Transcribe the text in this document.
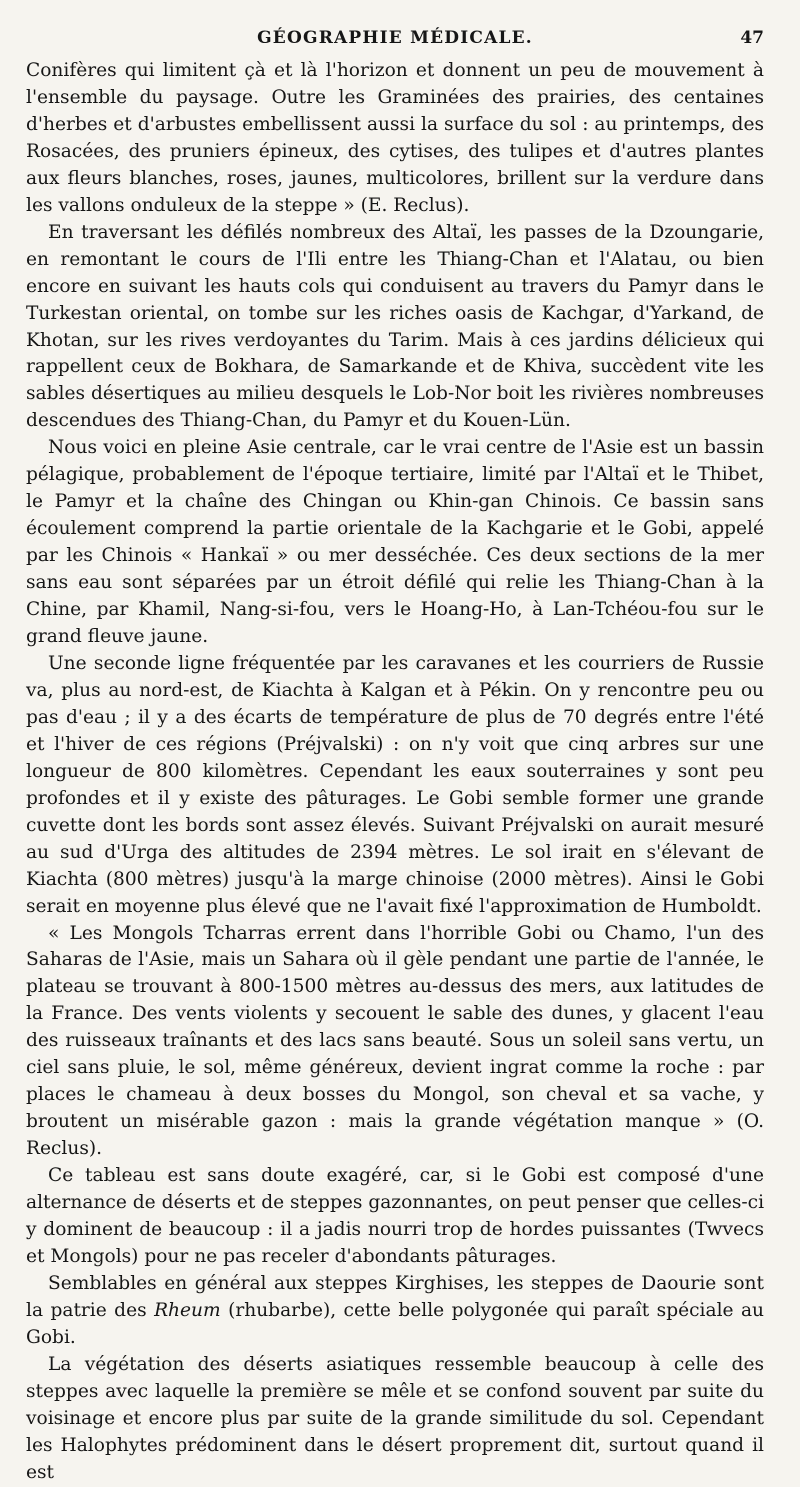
GÉOGRAPHIE MÉDICALE.	47

Conifères qui limitent çà et là l'horizon et donnent un peu de mouvement à l'ensemble du paysage. Outre les Graminées des prairies, des centaines d'herbes et d'arbustes embellissent aussi la surface du sol : au printemps, des Rosacées, des pruniers épineux, des cytises, des tulipes et d'autres plantes aux fleurs blanches, roses, jaunes, multicolores, brillent sur la verdure dans les vallons onduleux de la steppe » (E. Reclus).

En traversant les défilés nombreux des Altaï, les passes de la Dzoungarie, en remontant le cours de l'Ili entre les Thiang-Chan et l'Alatau, ou bien encore en suivant les hauts cols qui conduisent au travers du Pamyr dans le Turkestan oriental, on tombe sur les riches oasis de Kachgar, d'Yarkand, de Khotan, sur les rives verdoyantes du Tarim. Mais à ces jardins délicieux qui rappellent ceux de Bokhara, de Samarkande et de Khiva, succèdent vite les sables désertiques au milieu desquels le Lob-Nor boit les rivières nombreuses descendues des Thiang-Chan, du Pamyr et du Kouen-Lün.

Nous voici en pleine Asie centrale, car le vrai centre de l'Asie est un bassin pélagique, probablement de l'époque tertiaire, limité par l'Altaï et le Thibet, le Pamyr et la chaîne des Chingan ou Khin-gan Chinois. Ce bassin sans écoulement comprend la partie orientale de la Kachgarie et le Gobi, appelé par les Chinois « Hankaï » ou mer desséchée. Ces deux sections de la mer sans eau sont séparées par un étroit défilé qui relie les Thiang-Chan à la Chine, par Khamil, Nang-si-fou, vers le Hoang-Ho, à Lan-Tchéou-fou sur le grand fleuve jaune.

Une seconde ligne fréquentée par les caravanes et les courriers de Russie va, plus au nord-est, de Kiachta à Kalgan et à Pékin. On y rencontre peu ou pas d'eau ; il y a des écarts de température de plus de 70 degrés entre l'été et l'hiver de ces régions (Préjvalski) : on n'y voit que cinq arbres sur une longueur de 800 kilomètres. Cependant les eaux souterraines y sont peu profondes et il y existe des pâturages. Le Gobi semble former une grande cuvette dont les bords sont assez élevés. Suivant Préjvalski on aurait mesuré au sud d'Urga des altitudes de 2394 mètres. Le sol irait en s'élevant de Kiachta (800 mètres) jusqu'à la marge chinoise (2000 mètres). Ainsi le Gobi serait en moyenne plus élevé que ne l'avait fixé l'approximation de Humboldt.

« Les Mongols Tcharras errent dans l'horrible Gobi ou Chamo, l'un des Saharas de l'Asie, mais un Sahara où il gèle pendant une partie de l'année, le plateau se trouvant à 800-1500 mètres au-dessus des mers, aux latitudes de la France. Des vents violents y secouent le sable des dunes, y glacent l'eau des ruisseaux traînants et des lacs sans beauté. Sous un soleil sans vertu, un ciel sans pluie, le sol, même généreux, devient ingrat comme la roche : par places le chameau à deux bosses du Mongol, son cheval et sa vache, y broutent un misérable gazon : mais la grande végétation manque » (O. Reclus).

Ce tableau est sans doute exagéré, car, si le Gobi est composé d'une alternance de déserts et de steppes gazonnantes, on peut penser que celles-ci y dominent de beaucoup : il a jadis nourri trop de hordes puissantes (Twvecs et Mongols) pour ne pas receler d'abondants pâturages.

Semblables en général aux steppes Kirghises, les steppes de Daourie sont la patrie des Rheum (rhubarbe), cette belle polygonée qui paraît spéciale au Gobi.

La végétation des déserts asiatiques ressemble beaucoup à celle des steppes avec laquelle la première se mêle et se confond souvent par suite du voisinage et encore plus par suite de la grande similitude du sol. Cependant les Halophytes prédominent dans le désert proprement dit, surtout quand il est
